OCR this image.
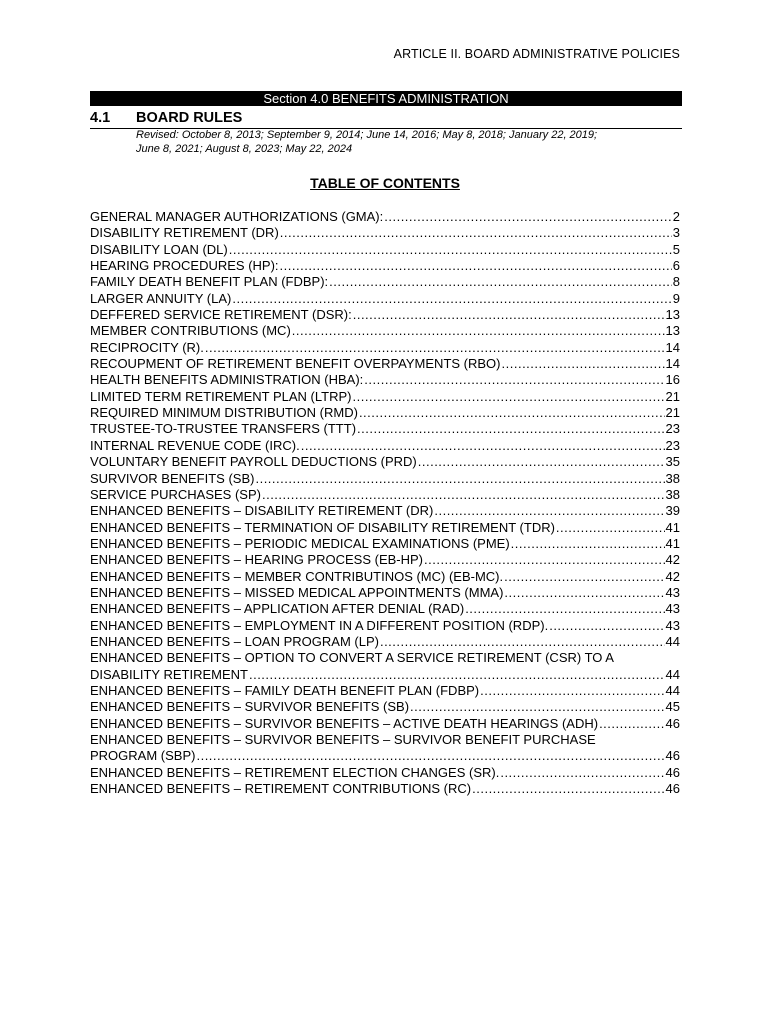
ARTICLE II. BOARD ADMINISTRATIVE POLICIES
Section 4.0 BENEFITS ADMINISTRATION
4.1 BOARD RULES
Revised: October 8, 2013; September 9, 2014; June 14, 2016; May 8, 2018; January 22, 2019;
June 8, 2021; August 8, 2023; May 22, 2024
TABLE OF CONTENTS
GENERAL MANAGER AUTHORIZATIONS (GMA): .....	2
DISABILITY RETIREMENT (DR) .....	3
DISABILITY LOAN (DL) .....	5
HEARING PROCEDURES (HP): .....	6
FAMILY DEATH BENEFIT PLAN (FDBP): .....	8
LARGER ANNUITY (LA) .....	9
DEFFERED SERVICE RETIREMENT (DSR): .....	13
MEMBER CONTRIBUTIONS (MC) .....	13
RECIPROCITY (R). .....	14
RECOUPMENT OF RETIREMENT BENEFIT OVERPAYMENTS (RBO) .....	14
HEALTH BENEFITS ADMINISTRATION (HBA): .....	16
LIMITED TERM RETIREMENT PLAN (LTRP) .....	21
REQUIRED MINIMUM DISTRIBUTION (RMD) .....	21
TRUSTEE-TO-TRUSTEE TRANSFERS (TTT) .....	23
INTERNAL REVENUE CODE (IRC). .....	23
VOLUNTARY BENEFIT PAYROLL DEDUCTIONS (PRD) .....	35
SURVIVOR BENEFITS (SB) .....	38
SERVICE PURCHASES (SP) .....	38
ENHANCED BENEFITS – DISABILITY RETIREMENT (DR) .....	39
ENHANCED BENEFITS – TERMINATION OF DISABILITY RETIREMENT (TDR) .....	41
ENHANCED BENEFITS – PERIODIC MEDICAL EXAMINATIONS (PME) .....	41
ENHANCED BENEFITS – HEARING PROCESS (EB-HP) .....	42
ENHANCED BENEFITS – MEMBER CONTRIBUTINOS (MC) (EB-MC). .....	42
ENHANCED BENEFITS – MISSED MEDICAL APPOINTMENTS (MMA) .....	43
ENHANCED BENEFITS – APPLICATION AFTER DENIAL (RAD) .....	43
ENHANCED BENEFITS – EMPLOYMENT IN A DIFFERENT POSITION (RDP). .....	43
ENHANCED BENEFITS – LOAN PROGRAM (LP) .....	44
ENHANCED BENEFITS – OPTION TO CONVERT A SERVICE RETIREMENT (CSR) TO A
DISABILITY RETIREMENT .....	44
ENHANCED BENEFITS – FAMILY DEATH BENEFIT PLAN (FDBP) .....	44
ENHANCED BENEFITS – SURVIVOR BENEFITS (SB) .....	45
ENHANCED BENEFITS – SURVIVOR BENEFITS – ACTIVE DEATH HEARINGS (ADH) .....	46
ENHANCED BENEFITS – SURVIVOR BENEFITS – SURVIVOR BENEFIT PURCHASE
PROGRAM (SBP) .....	46
ENHANCED BENEFITS – RETIREMENT ELECTION CHANGES (SR). .....	46
ENHANCED BENEFITS – RETIREMENT CONTRIBUTIONS (RC) .....	46
